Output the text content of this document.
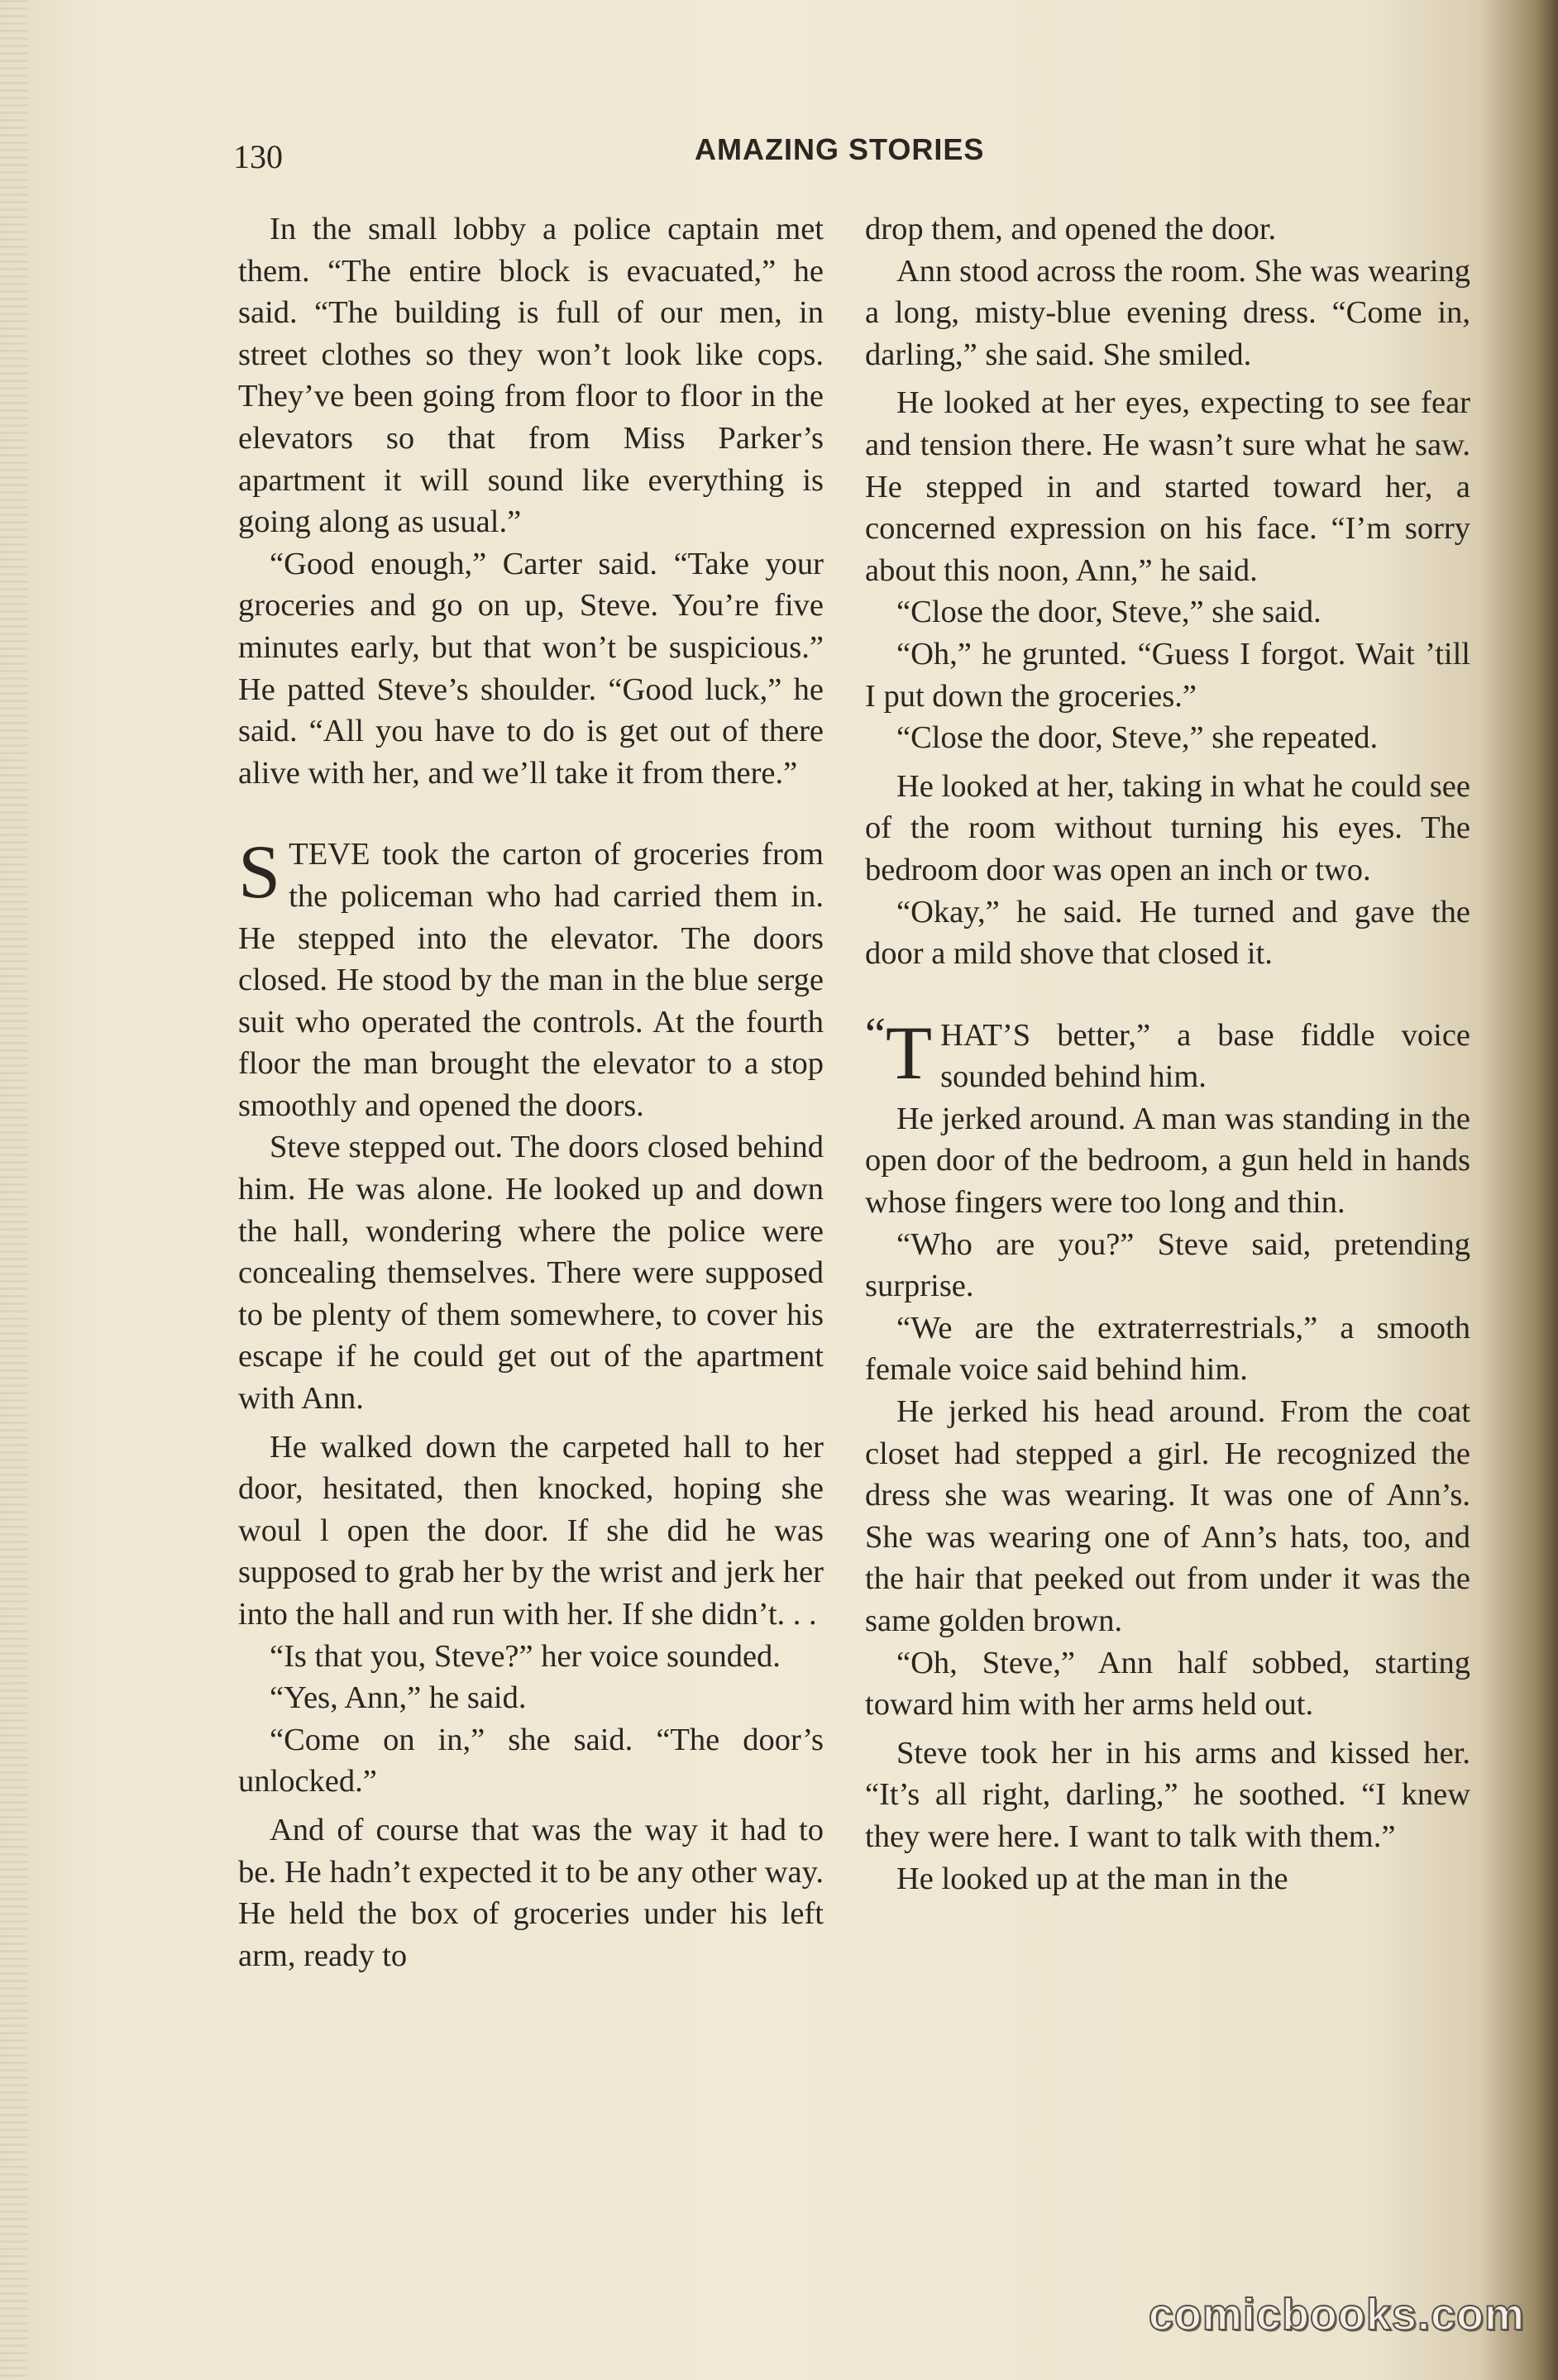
130	AMAZING STORIES

In the small lobby a police captain met them. “The entire block is evacuated,” he said. “The building is full of our men, in street clothes so they won’t look like cops. They’ve been going from floor to floor in the elevators so that from Miss Parker’s apartment it will sound like everything is going along as usual.”

“Good enough,” Carter said. “Take your groceries and go on up, Steve. You’re five minutes early, but that won’t be suspicious.” He patted Steve’s shoulder. “Good luck,” he said. “All you have to do is get out of there alive with her, and we’ll take it from there.”

STEVE took the carton of groceries from the policeman who had carried them in. He stepped into the elevator. The doors closed. He stood by the man in the blue serge suit who operated the controls. At the fourth floor the man brought the elevator to a stop smoothly and opened the doors.

Steve stepped out. The doors closed behind him. He was alone. He looked up and down the hall, wondering where the police were concealing themselves. There were supposed to be plenty of them somewhere, to cover his escape if he could get out of the apartment with Ann.

He walked down the carpeted hall to her door, hesitated, then knocked, hoping she woul l open the door. If she did he was supposed to grab her by the wrist and jerk her into the hall and run with her. If she didn’t. . .

“Is that you, Steve?” her voice sounded.

“Yes, Ann,” he said.

“Come on in,” she said. “The door’s unlocked.”

And of course that was the way it had to be. He hadn’t expected it to be any other way. He held the box of groceries under his left arm, ready to

drop them, and opened the door.

Ann stood across the room. She was wearing a long, misty-blue evening dress. “Come in, darling,” she said. She smiled.

He looked at her eyes, expecting to see fear and tension there. He wasn’t sure what he saw. He stepped in and started toward her, a concerned expression on his face. “I’m sorry about this noon, Ann,” he said.

“Close the door, Steve,” she said.

“Oh,” he grunted. “Guess I forgot. Wait ’till I put down the groceries.”

“Close the door, Steve,” she repeated.

He looked at her, taking in what he could see of the room without turning his eyes. The bedroom door was open an inch or two.

“Okay,” he said. He turned and gave the door a mild shove that closed it.

“ T HAT’S better,” a base fiddle voice sounded behind him.

He jerked around. A man was standing in the open door of the bedroom, a gun held in hands whose fingers were too long and thin.

“Who are you?” Steve said, pretending surprise.

“We are the extraterrestrials,” a smooth female voice said behind him.

He jerked his head around. From the coat closet had stepped a girl. He recognized the dress she was wearing. It was one of Ann’s. She was wearing one of Ann’s hats, too, and the hair that peeked out from under it was the same golden brown.

“Oh, Steve,” Ann half sobbed, starting toward him with her arms held out.

Steve took her in his arms and kissed her. “It’s all right, darling,” he soothed. “I knew they were here. I want to talk with them.”

He looked up at the man in the

comicbooks.com
